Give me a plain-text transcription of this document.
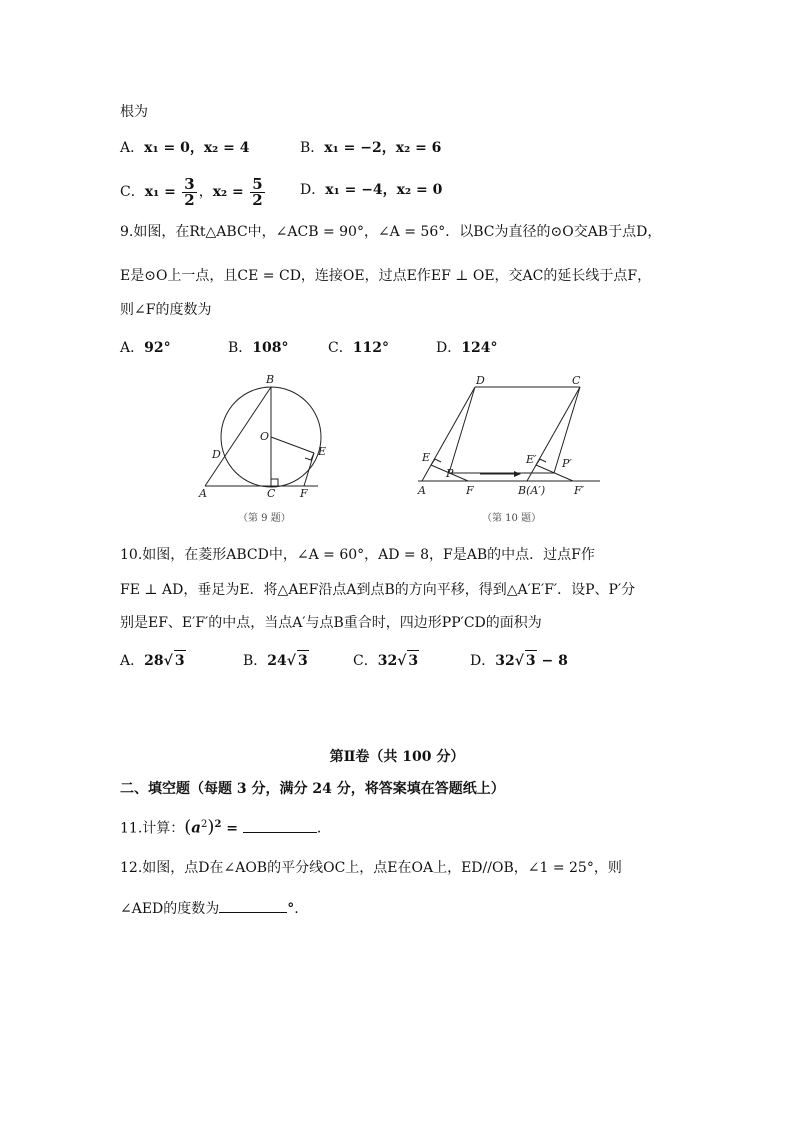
根为
A．x₁ = 0，x₂ = 4	B．x₁ = −2，x₂ = 6
C．$x_1 = \frac{3}{2}$ ，$x_2 = \frac{5}{2}$	D．x₁ = −4，x₂ = 0
9.如图，在Rt△ABC中，∠ACB = 90°，∠A = 56°．以BC为直径的⊙O交AB于点D，
E是⊙O上一点，且CE = CD，连接OE，过点E作EF ⊥ OE，交AC的延长线于点F，
则∠F的度数为
A．92°	B．108°	C．112°	D．124°
B
O
E
D
A	C F
（第 9 题）
D	C
E
P
A	F
E′ P′
B(A′)	F′
（第 10 题）
10.如图，在菱形ABCD中，∠A = 60°，AD = 8，F是AB的中点．过点F作
FE ⊥ AD，垂足为E．将△AEF沿点A到点B的方向平移，得到△A′E′F′．设P、P′分
别是EF、E′F′的中点，当点A′与点B重合时，四边形PP′CD的面积为
A．28√ 3	B．24√ 3	C．32√ 3	D．32√ 3 − 8
第Ⅱ卷（共 100 分）
二、填空题（每题 3 分，满分 24 分，将答案填在答题纸上）
11.计算：$(a^2)^2$ =	.
12.如图，点D在∠AOB的平分线OC上，点E在OA上，ED//OB，∠1 = 25°，则
∠AED的度数为	°.
